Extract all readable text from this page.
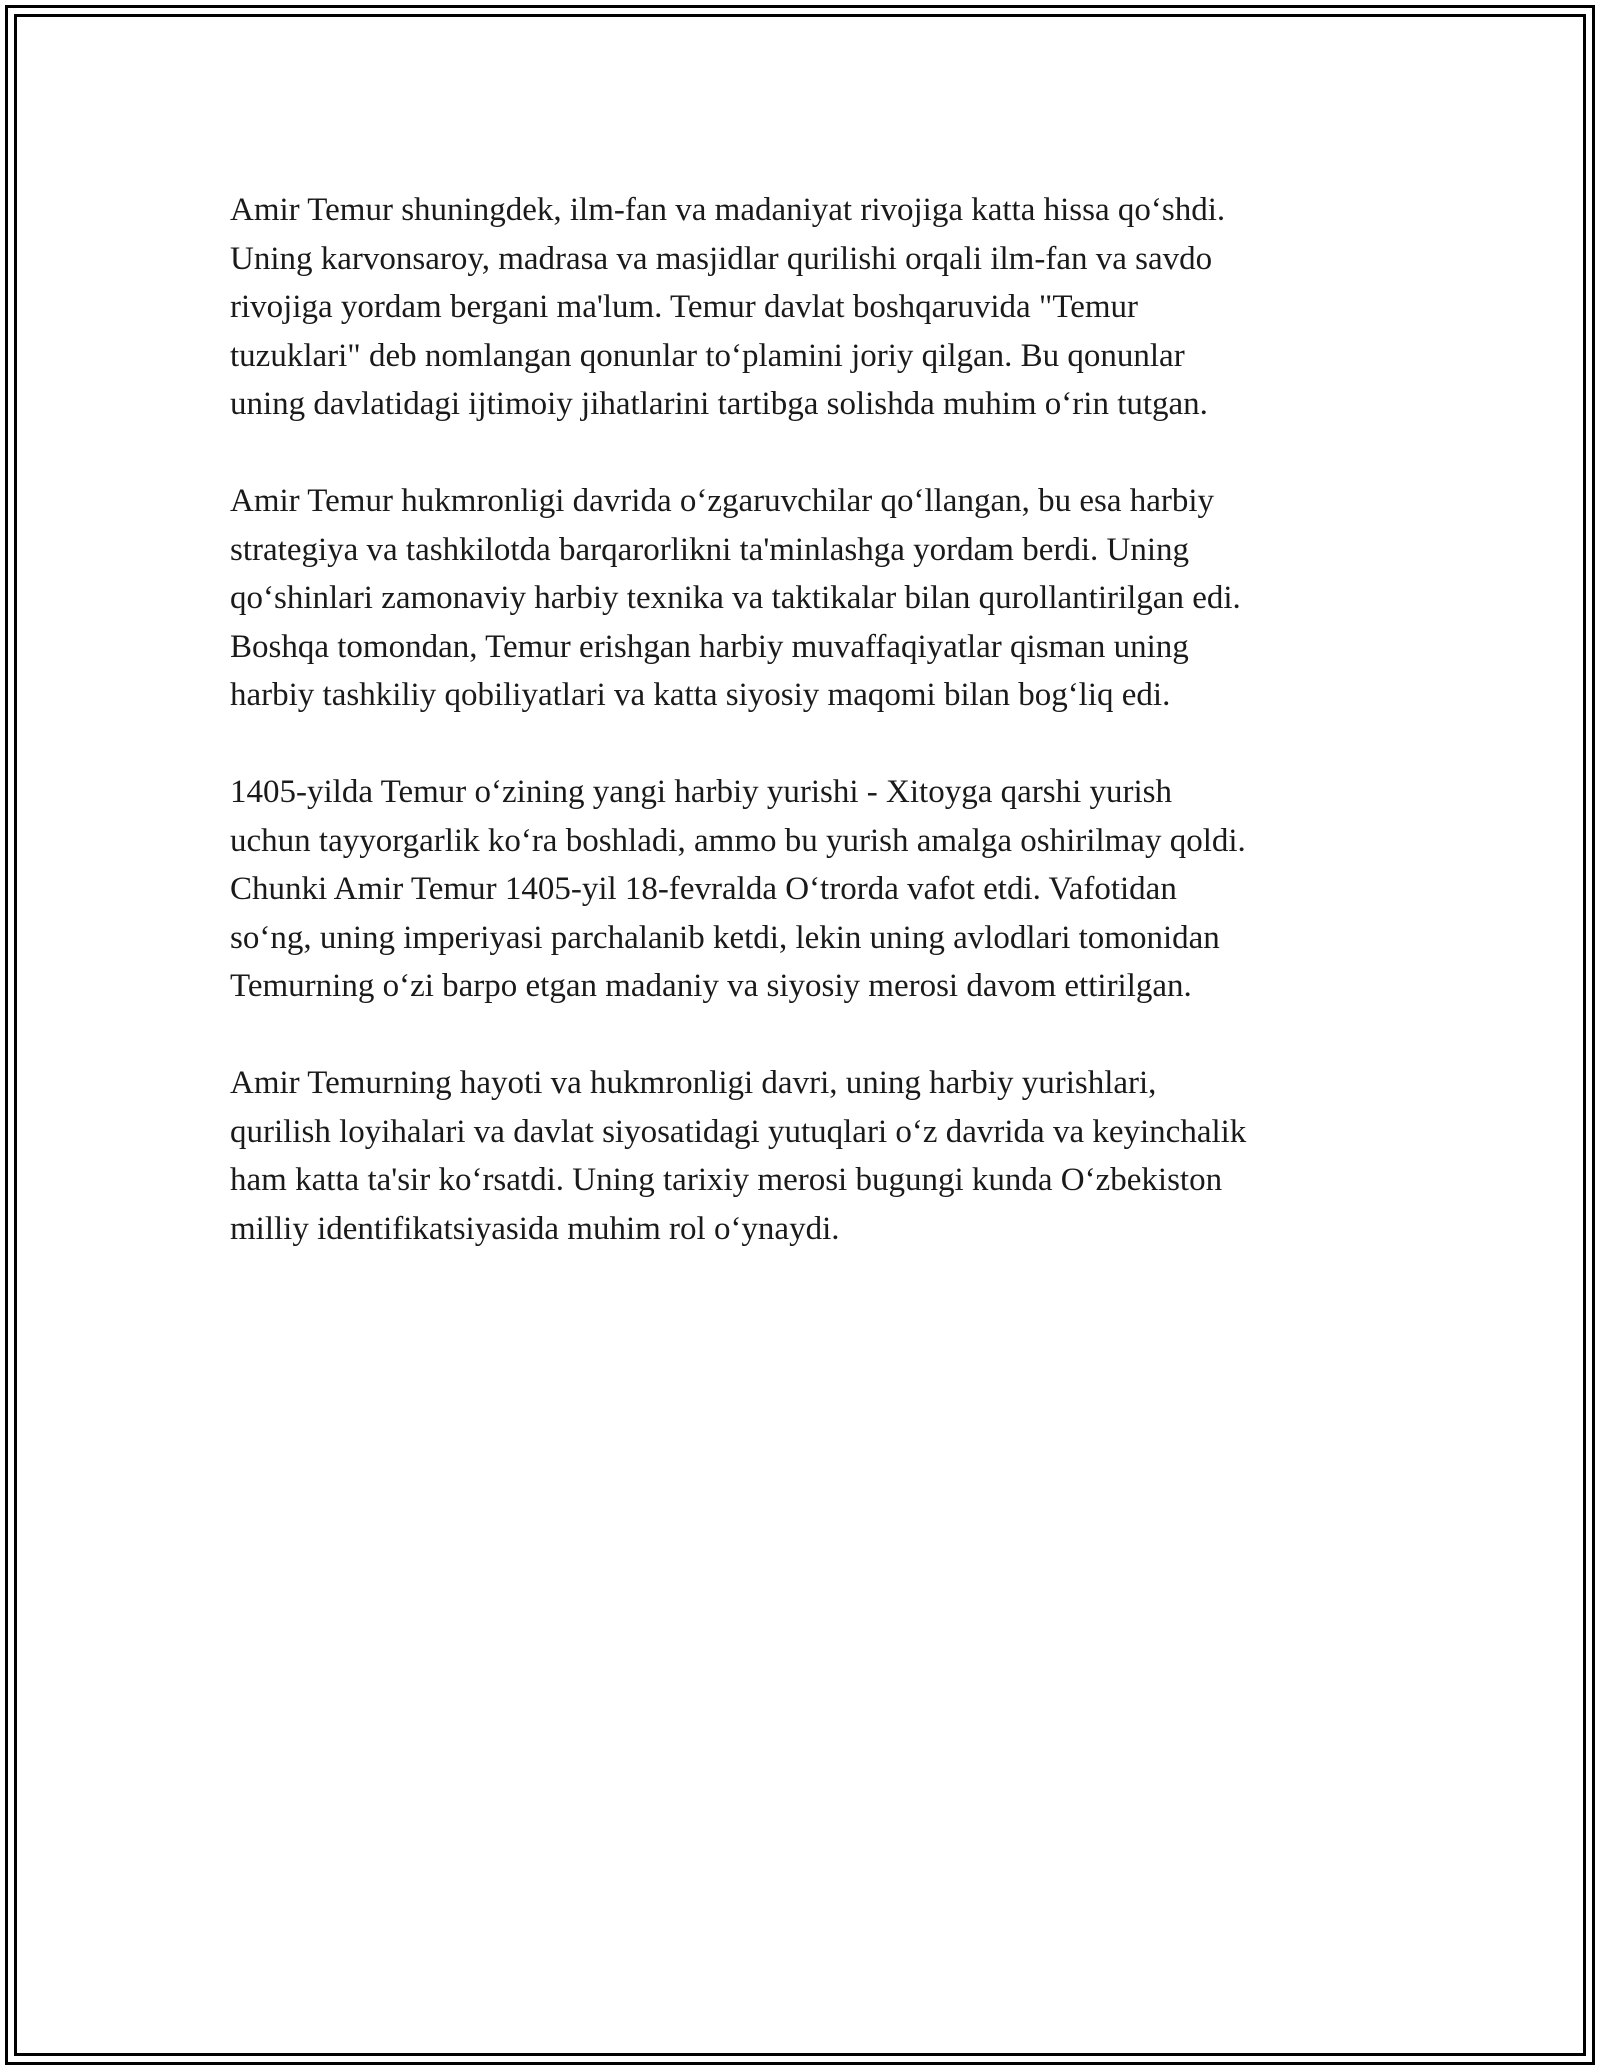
Amir Temur shuningdek, ilm-fan va madaniyat rivojiga katta hissa qo‘shdi.
Uning karvonsaroy, madrasa va masjidlar qurilishi orqali ilm-fan va savdo
rivojiga yordam bergani ma'lum. Temur davlat boshqaruvida "Temur
tuzuklari" deb nomlangan qonunlar to‘plamini joriy qilgan. Bu qonunlar
uning davlatidagi ijtimoiy jihatlarini tartibga solishda muhim o‘rin tutgan.

Amir Temur hukmronligi davrida o‘zgaruvchilar qo‘llangan, bu esa harbiy
strategiya va tashkilotda barqarorlikni ta'minlashga yordam berdi. Uning
qo‘shinlari zamonaviy harbiy texnika va taktikalar bilan qurollantirilgan edi.
Boshqa tomondan, Temur erishgan harbiy muvaffaqiyatlar qisman uning
harbiy tashkiliy qobiliyatlari va katta siyosiy maqomi bilan bog‘liq edi.

1405-yilda Temur o‘zining yangi harbiy yurishi - Xitoyga qarshi yurish
uchun tayyorgarlik ko‘ra boshladi, ammo bu yurish amalga oshirilmay qoldi.
Chunki Amir Temur 1405-yil 18-fevralda O‘trorda vafot etdi. Vafotidan
so‘ng, uning imperiyasi parchalanib ketdi, lekin uning avlodlari tomonidan
Temurning o‘zi barpo etgan madaniy va siyosiy merosi davom ettirilgan.

Amir Temurning hayoti va hukmronligi davri, uning harbiy yurishlari,
qurilish loyihalari va davlat siyosatidagi yutuqlari o‘z davrida va keyinchalik
ham katta ta'sir ko‘rsatdi. Uning tarixiy merosi bugungi kunda O‘zbekiston
milliy identifikatsiyasida muhim rol o‘ynaydi.
